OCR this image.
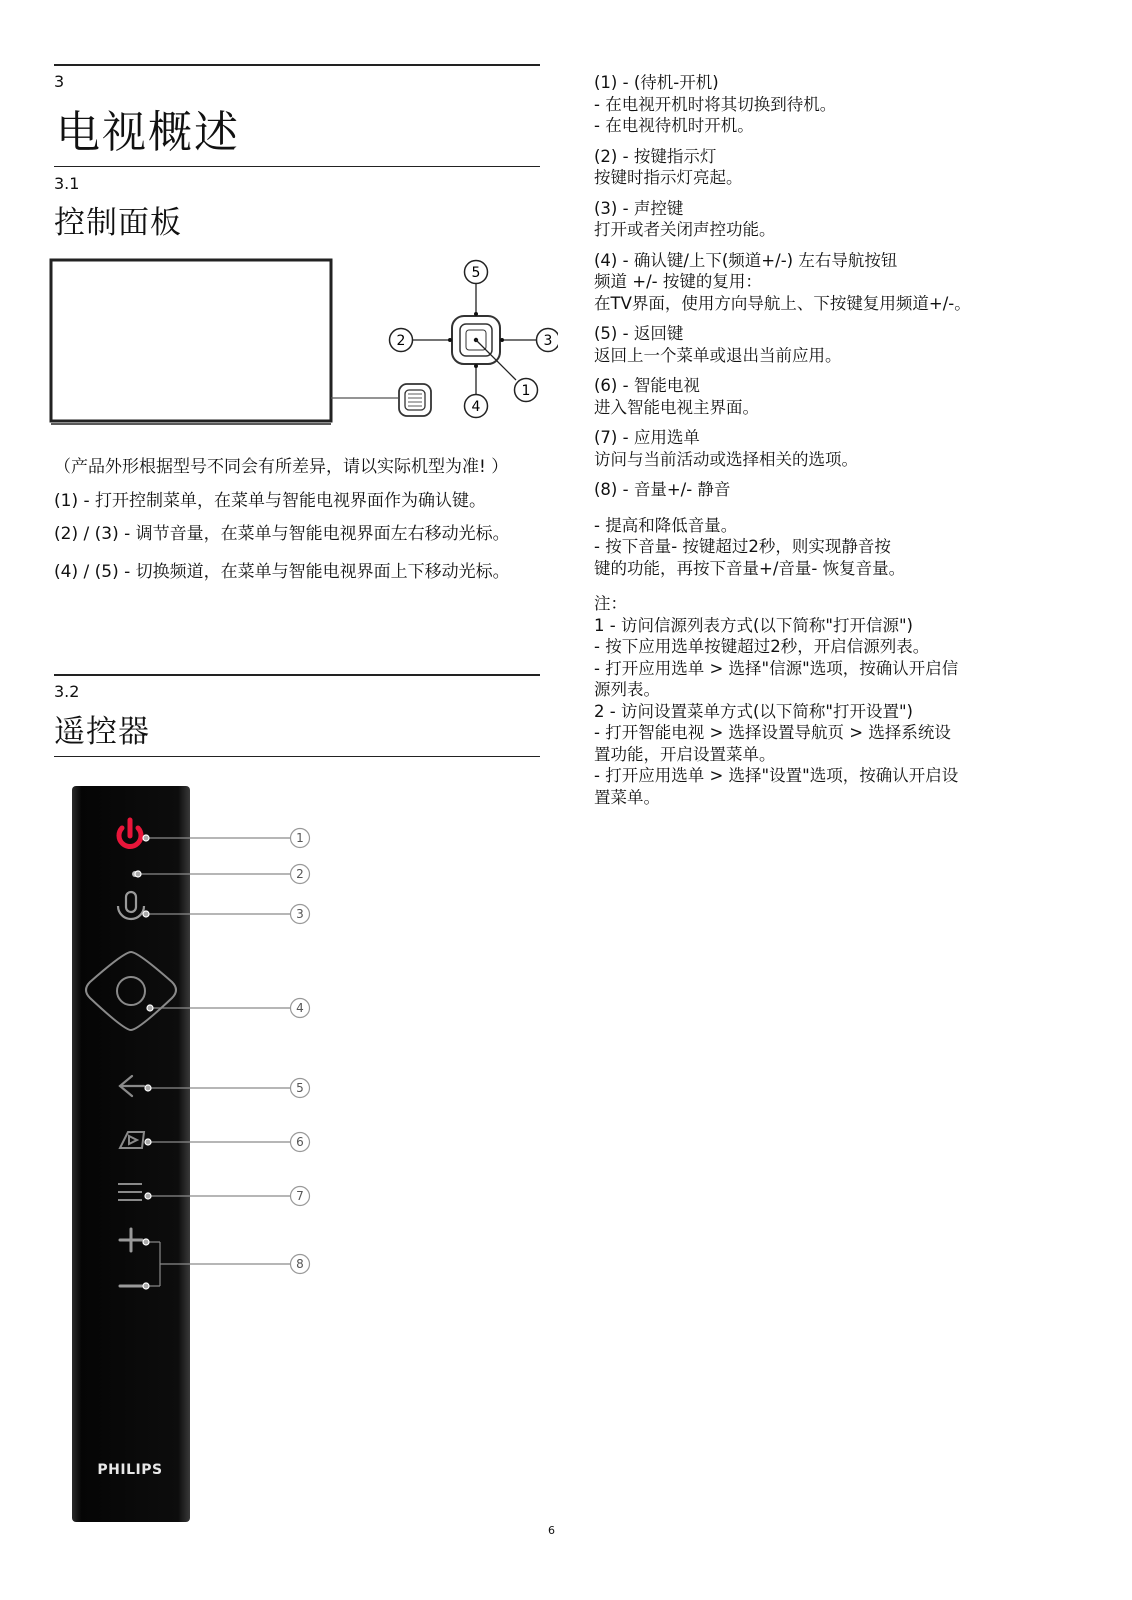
3
电视概述
3.1
控制面板
5
2	3
4
1

（产品外形根据型号不同会有所差异，请以实际机型为准! ）

(1) - 打开控制菜单，在菜单与智能电视界面作为确认键。

(2) / (3) - 调节音量，在菜单与智能电视界面左右移动光标。

(4) / (5) - 切换频道，在菜单与智能电视界面上下移动光标。

3.2
遥控器
PHILIPS
1
2
3
4
5
6
7
8
(1) - (待机-开机)
- 在电视开机时将其切换到待机。
- 在电视待机时开机。
(2) - 按键指示灯
按键时指示灯亮起。
(3) - 声控键
打开或者关闭声控功能。
(4) - 确认键/上下(频道+/-) 左右导航按钮
频道 +/- 按键的复用：
在TV界面，使用方向导航上、下按键复用频道+/-。
(5) - 返回键
返回上一个菜单或退出当前应用。
(6) - 智能电视
进入智能电视主界面。
(7) - 应用选单
访问与当前活动或选择相关的选项。
(8) - 音量+/- 静音
- 提高和降低音量。
- 按下音量- 按键超过2秒，则实现静音按
键的功能，再按下音量+/音量- 恢复音量。
注：
1 - 访问信源列表方式(以下简称"打开信源")
- 按下应用选单按键超过2秒，开启信源列表。
- 打开应用选单 > 选择"信源"选项，按确认开启信
源列表。
2 - 访问设置菜单方式(以下简称"打开设置")
- 打开智能电视 > 选择设置导航页 > 选择系统设
置功能，开启设置菜单。
- 打开应用选单 > 选择"设置"选项，按确认开启设
置菜单。
6
